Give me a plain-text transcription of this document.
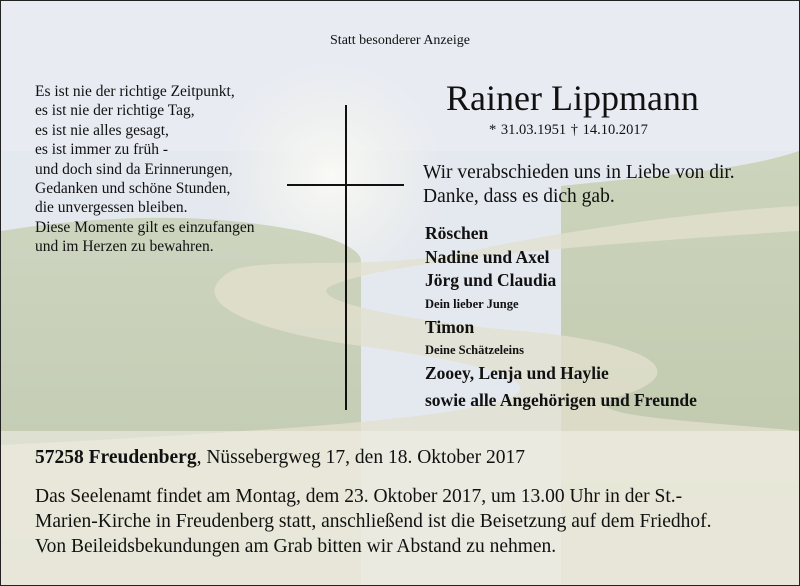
Statt besonderer Anzeige
Es ist nie der richtige Zeitpunkt,
es ist nie der richtige Tag,
es ist nie alles gesagt,
es ist immer zu früh -
und doch sind da Erinnerungen,
Gedanken und schöne Stunden,
die unvergessen bleiben.
Diese Momente gilt es einzufangen
und im Herzen zu bewahren.
Rainer Lippmann
* 31.03.1951 † 14.10.2017
Wir verabschieden uns in Liebe von dir.
Danke, dass es dich gab.
Röschen
Nadine und Axel
Jörg und Claudia
Dein lieber Junge
Timon
Deine Schätzeleins
Zooey, Lenja und Haylie
sowie alle Angehörigen und Freunde
57258 Freudenberg, Nüssebergweg 17, den 18. Oktober 2017
Das Seelenamt findet am Montag, dem 23. Oktober 2017, um 13.00 Uhr in der St.-
Marien-Kirche in Freudenberg statt, anschließend ist die Beisetzung auf dem Friedhof.
Von Beileidsbekundungen am Grab bitten wir Abstand zu nehmen.
